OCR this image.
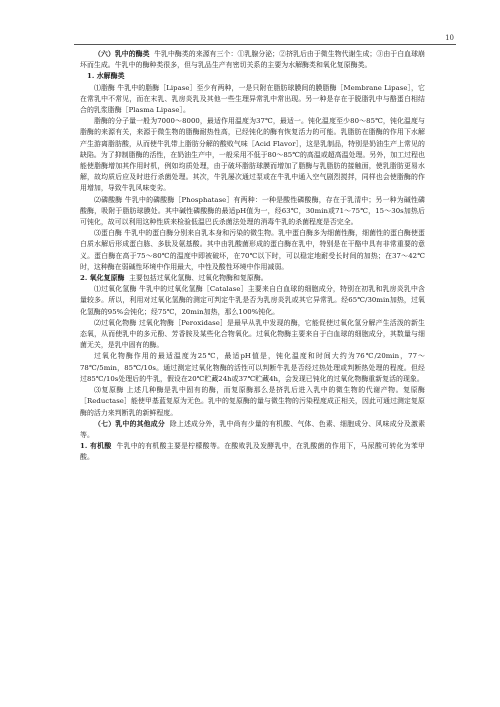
10

（六）乳中的酶类 牛乳中酶类的来源有三个：①乳腺分泌；②挤乳后由于微生物代谢生成；③由于白血球崩坏而生成。牛乳中的酶种类很多，但与乳品生产有密切关系的主要为水解酶类和氧化复原酶类。

1. 水解酶类

⑴脂酶 牛乳中的脂酶［Lipase］至少有两种，一是只附在脂肪球膜间的膜脂酶［Membrane Lipase］，它在常乳中不常见，而在末乳、乳房炎乳及其他一些生理异常乳中常出现。另一种是存在于脱脂乳中与酪蛋白相结合的乳浆脂酶［Plasma Lipase］。

脂酶的分子量一般为7000～8000，最适作用温度为37℃，最适一。钝化温度至少80～85℃，钝化温度与脂酶的来源有关，来源于微生物的脂酶耐热性高，已经钝化的酶有恢复活力的可能。乳脂肪在脂酶的作用下水解产生游离脂肪酸，从而使牛乳带上脂肪分解的酸败气味［Acid Flavor］，这是乳制品，特别是奶油生产上常见的缺陷。为了抑制脂酶的活性，在奶油生产中，一般采用不低于80～85℃的高温或超高温处理。另外，加工过程也能使脂酶增加其作用时机，例如均质处理，由于破坏脂肪球膜而增加了脂酶与乳脂肪的接触面，使乳脂肪更易水解，故均质后应及时进行杀菌处理。其次，牛乳屡次通过泵或在牛乳中通入空气剧烈搅拌，同样也会使脂酶的作用增加，导致牛乳风味变劣。

⑵磷酸酶 牛乳中的磷酸酶［Phosphatase］有两种：一种是酸性磷酸酶，存在于乳清中；另一种为碱性磷酸酶，吸附于脂肪球膜处。其中碱性磷酸酶的最适pH值为一，经63℃，30min或71～75℃，15～30s加热后可钝化，故可以利用这种性质来检验低温巴氏杀菌法处理的消毒牛乳的杀菌程度是否完全。

⑶蛋白酶 牛乳中的蛋白酶分别来自乳本身和污染的微生物。乳中蛋白酶多为细菌性酶，细菌性的蛋白酶使蛋白质水解后形成蛋白胨、多肽及氨基酸。其中由乳酸菌形成的蛋白酶在乳中，特别是在干酪中具有非常重要的意义。蛋白酶在高于75～80℃的温度中即被破坏，在70℃以下时，可以稳定地耐受长时间的加热；在37～42℃时，这种酶在弱碱性环境中作用最大，中性及酸性环境中作用减弱。

2. 氧化复原酶 主要包括过氧化氢酶、过氧化物酶和复原酶。

⑴过氧化氢酶 牛乳中的过氧化氢酶［Catalase］主要来自白血球的细胞成分，特别在初乳和乳房炎乳中含量较多。所以，利用对过氧化氢酶的测定可判定牛乳是否为乳房炎乳或其它异常乳。经65℃/30min加热，过氧化氢酶的95%会钝化；经75℃，20min加热，那么100%钝化。

⑵过氧化物酶 过氧化物酶［Peroxidase］是最早从乳中发现的酶，它能促使过氧化氢分解产生活泼的新生态氧，从而使乳中的多元酚、芳香胺及某些化合物氧化。过氧化物酶主要来自于白血球的细胞成分，其数量与细菌无关，是乳中固有的酶。

过氧化物酶作用的最适温度为25℃，最适pH值是，钝化温度和时间大约为76℃/20min，77～78℃/5min，85℃/10s。通过测定过氧化物酶的活性可以判断牛乳是否经过热处理或判断热处理的程度。但经过85℃/10s处理后的牛乳，假设在20℃贮藏24h或37℃贮藏4h，会发现已钝化的过氧化物酶重新复活的现象。

⑶复原酶 上述几种酶是乳中固有的酶，而复原酶那么是挤乳后进入乳中的微生物的代谢产物。复原酶［Reductase］能使甲基蓝复原为无色。乳中的复原酶的量与微生物的污染程度成正相关，因此可通过测定复原酶的活力来判断乳的新鲜程度。

（七）乳中的其他成分 除上述成分外，乳中尚有少量的有机酸、气体、色素、细胞成分、风味成分及激素等。

1. 有机酸 牛乳中的有机酸主要是柠檬酸等。在酸败乳及发酵乳中，在乳酸菌的作用下，马尿酸可转化为苯甲酸。
